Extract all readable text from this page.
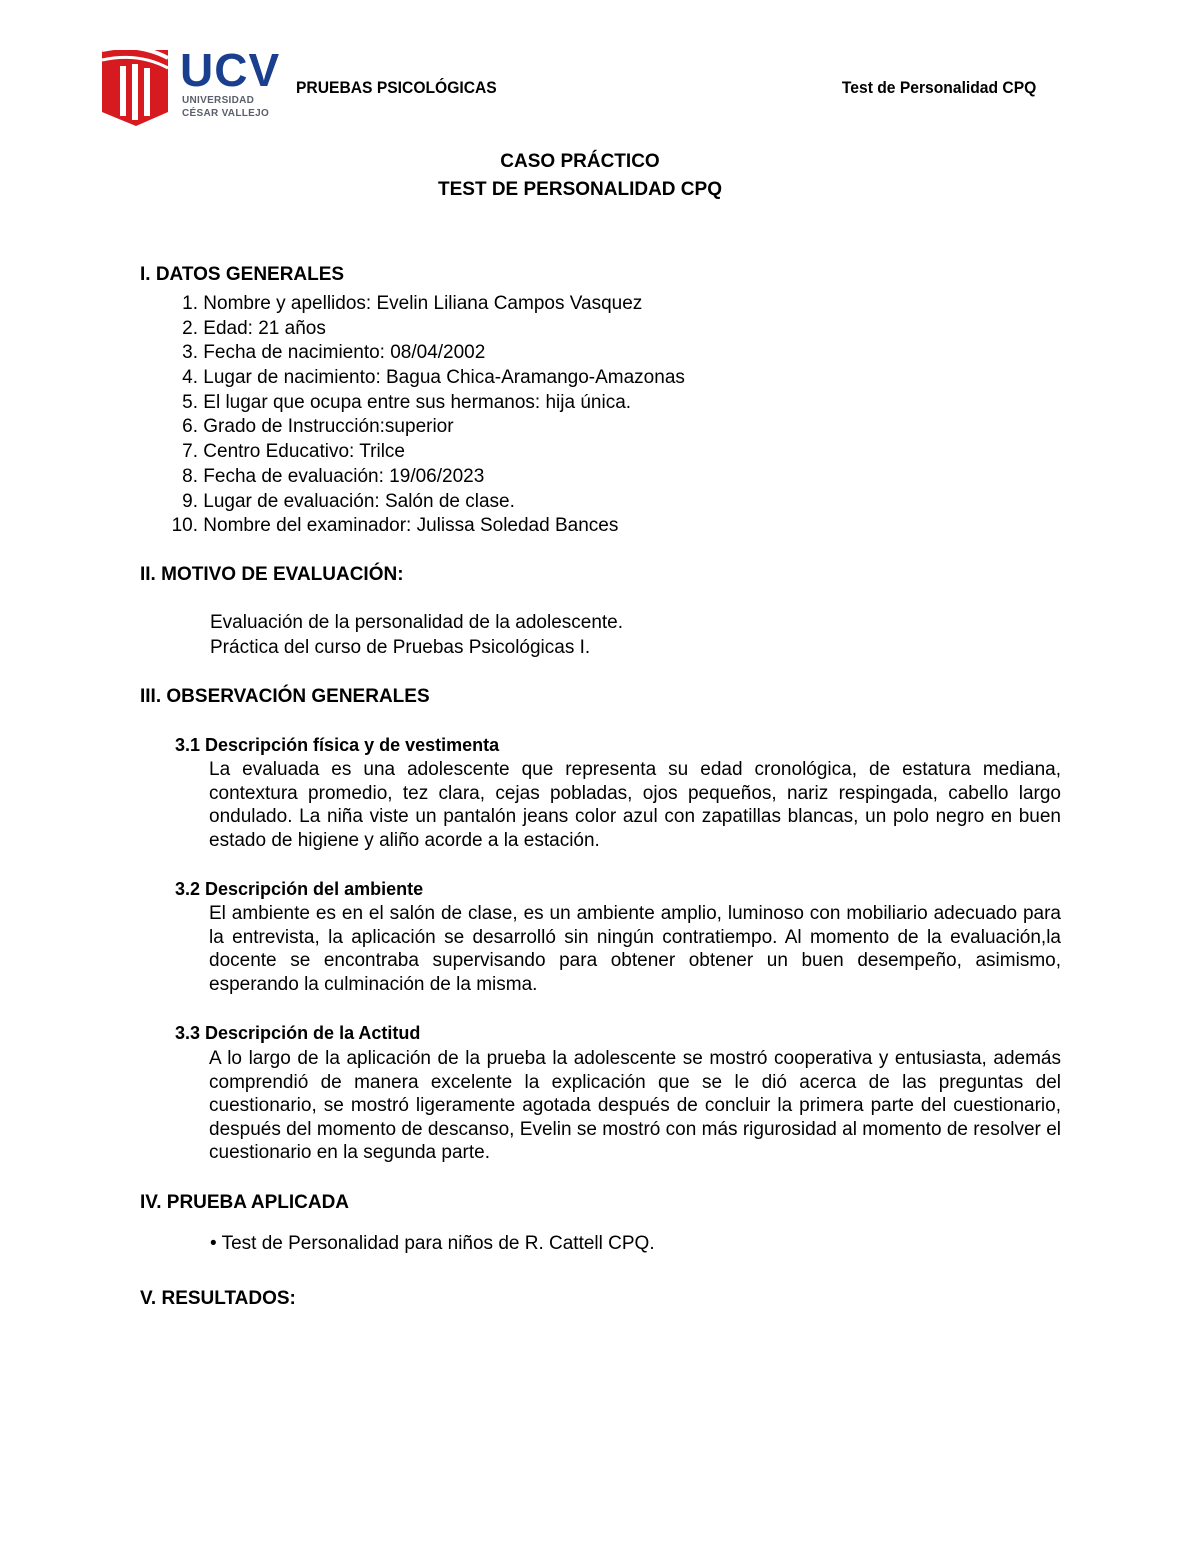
UCV
UNIVERSIDAD
CÉSAR VALLEJO
PRUEBAS PSICOLÓGICAS	Test de Personalidad CPQ
CASO PRÁCTICO
TEST DE PERSONALIDAD CPQ
I. DATOS GENERALES
1. Nombre y apellidos: Evelin Liliana Campos Vasquez
2. Edad: 21 años
3. Fecha de nacimiento: 08/04/2002
4. Lugar de nacimiento: Bagua Chica-Aramango-Amazonas
5. El lugar que ocupa entre sus hermanos: hija única.
6. Grado de Instrucción:superior
7. Centro Educativo: Trilce
8. Fecha de evaluación: 19/06/2023
9. Lugar de evaluación: Salón de clase.
10. Nombre del examinador: Julissa Soledad Bances
II. MOTIVO DE EVALUACIÓN:
Evaluación de la personalidad de la adolescente.
Práctica del curso de Pruebas Psicológicas I.
III. OBSERVACIÓN GENERALES
3.1 Descripción física y de vestimenta
La evaluada es una adolescente que representa su edad cronológica, de estatura mediana, contextura promedio, tez clara, cejas pobladas, ojos pequeños, nariz respingada, cabello largo ondulado. La niña viste un pantalón jeans color azul con zapatillas blancas, un polo negro en buen estado de higiene y aliño acorde a la estación.
3.2 Descripción del ambiente
El ambiente es en el salón de clase, es un ambiente amplio, luminoso con mobiliario adecuado para la entrevista, la aplicación se desarrolló sin ningún contratiempo. Al momento de la evaluación,la docente se encontraba supervisando para obtener obtener un buen desempeño, asimismo, esperando la culminación de la misma.
3.3 Descripción de la Actitud
A lo largo de la aplicación de la prueba la adolescente se mostró cooperativa y entusiasta, además comprendió de manera excelente la explicación que se le dió acerca de las preguntas del cuestionario, se mostró ligeramente agotada después de concluir la primera parte del cuestionario, después del momento de descanso, Evelin se mostró con más rigurosidad al momento de resolver el cuestionario en la segunda parte.
IV. PRUEBA APLICADA
• Test de Personalidad para niños de R. Cattell CPQ.
V. RESULTADOS:
